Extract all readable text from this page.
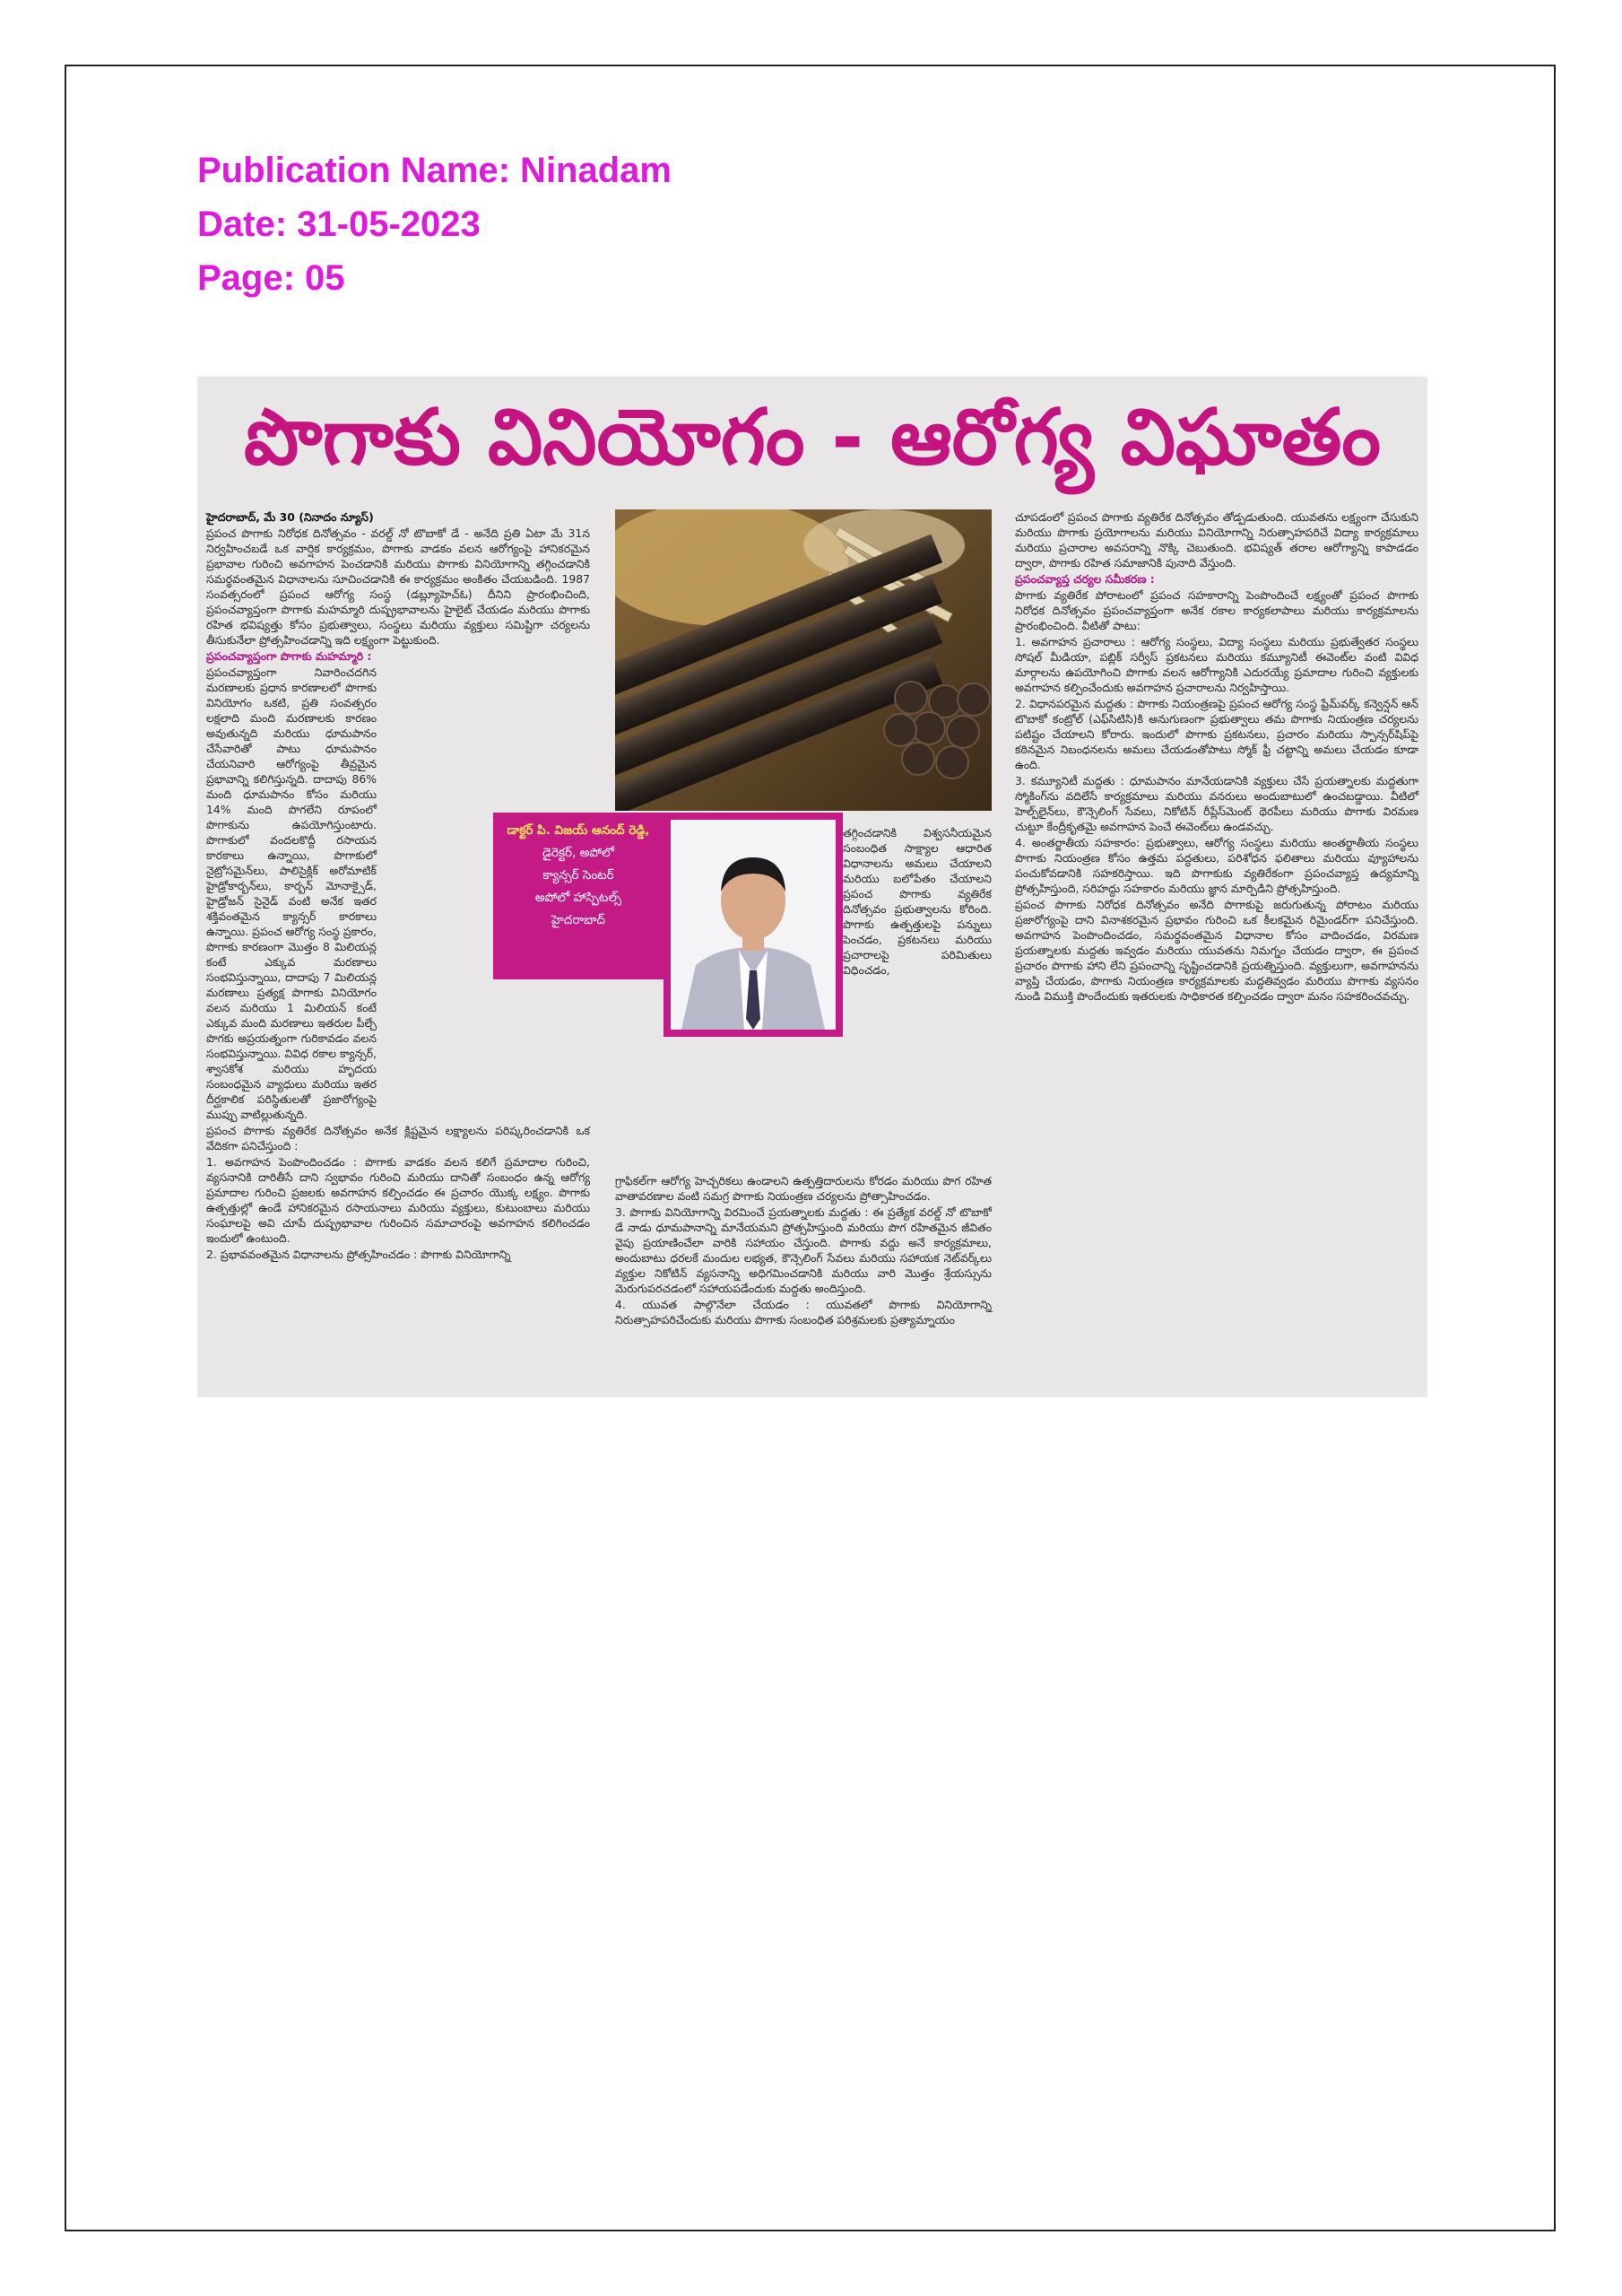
Publication Name: Ninadam
Date: 31-05-2023
Page: 05
పొగాకు వినియోగం - ఆరోగ్య విఘాతం

హైదరాబాద్, మే 30 (నినాదం న్యూస్)

ప్రపంచ పొగాకు నిరోధక దినోత్సవం - వరల్డ్ నో టొబాకో డే - అనేది ప్రతి ఏటా మే 31న నిర్వహించబడే ఒక వార్షిక కార్యక్రమం, పొగాకు వాడకం వలన ఆరోగ్యంపై హానికరమైన ప్రభావాల గురించి అవగాహన పెంచడానికి మరియు పొగాకు వినియోగాన్ని తగ్గించడానికి సమర్థవంతమైన విధానాలను సూచించడానికి ఈ కార్యక్రమం అంకితం చేయబడింది. 1987 సంవత్సరంలో ప్రపంచ ఆరోగ్య సంస్థ (డబ్ల్యూహెచ్ఓ) దీనిని ప్రారంభించింది, ప్రపంచవ్యాప్తంగా పొగాకు మహమ్మారి దుష్ప్రభావాలను హైలైట్ చేయడం మరియు పొగాకు రహిత భవిష్యత్తు కోసం ప్రభుత్వాలు, సంస్థలు మరియు వ్యక్తులు సమిష్టిగా చర్యలను తీసుకునేలా ప్రోత్సహించడాన్ని ఇది లక్ష్యంగా పెట్టుకుంది.

ప్రపంచవ్యాప్తంగా పొగాకు మహమ్మారి :

ప్రపంచవ్యాప్తంగా నివారించదగిన మరణాలకు ప్రధాన కారణాలలో పొగాకు వినియోగం ఒకటి, ప్రతి సంవత్సరం లక్షలాది మంది మరణాలకు కారణం అవుతున్నది మరియు ధూమపానం చేసేవారితో పాటు ధూమపానం చేయనివారి ఆరోగ్యంపై తీవ్రమైన ప్రభావాన్ని కలిగిస్తున్నది. దాదాపు 86% మంది ధూమపానం కోసం మరియు 14% మంది పొగలేని రూపంలో పొగాకును ఉపయోగిస్తుంటారు. పొగాకులో వందలకొద్దీ రసాయన కారకాలు ఉన్నాయి, పొగాకులో నైట్రోసమైన్‌లు, పాలిసైక్లిక్ అరోమాటిక్ హైడ్రోకార్బన్‌లు, కార్బన్ మోనాక్సైడ్, హైడ్రోజన్ సైనైడ్ వంటి అనేక ఇతర శక్తివంతమైన క్యాన్సర్ కారకాలు ఉన్నాయి. ప్రపంచ ఆరోగ్య సంస్థ ప్రకారం, పొగాకు కారణంగా మొత్తం 8 మిలియన్ల కంటే ఎక్కువ మరణాలు సంభవిస్తున్నాయి, దాదాపు 7 మిలియన్ల మరణాలు ప్రత్యక్ష పొగాకు వినియోగం వలన మరియు 1 మిలియన్ కంటే ఎక్కువ మంది మరణాలు ఇతరుల పీల్చే పొగకు అప్రయత్నంగా గురికావడం వలన సంభవిస్తున్నాయి. వివిధ రకాల క్యాన్సర్, శ్వాసకోశ మరియు హృదయ సంబంధమైన వ్యాధులు మరియు ఇతర దీర్ఘకాలిక పరిస్థితులతో ప్రజారోగ్యంపై ముప్పు వాటిల్లుతున్నది.

ప్రపంచ పొగాకు వ్యతిరేక దినోత్సవం అనేక క్లిష్టమైన లక్ష్యాలను పరిష్కరించడానికి ఒక వేదికగా పనిచేస్తుంది :

1. అవగాహన పెంపొందించడం : పొగాకు వాడకం వలన కలిగే ప్రమాదాల గురించి, వ్యసనానికి దారితీసే దాని స్వభావం గురించి మరియు దానితో సంబంధం ఉన్న ఆరోగ్య ప్రమాదాల గురించి ప్రజలకు అవగాహన కల్పించడం ఈ ప్రచారం యొక్క లక్ష్యం. పొగాకు ఉత్పత్తుల్లో ఉండే హానికరమైన రసాయనాలు మరియు వ్యక్తులు, కుటుంబాలు మరియు సంఘాలపై అవి చూపే దుష్ప్రభావాల గురించిన సమాచారంపై అవగాహన కలిగించడం ఇందులో ఉంటుంది.

2. ప్రభావవంతమైన విధానాలను ప్రోత్సహించడం : పొగాకు వినియోగాన్ని

డాక్టర్ పి. విజయ్ ఆనంద్ రెడ్డి,
డైరెక్టర్, అపోలో
క్యాన్సర్ సెంటర్
అపోలో హాస్పిటల్స్
హైదరాబాద్
తగ్గించడానికి విశ్వసనీయమైన సంబంధిత సాక్ష్యాల ఆధారిత విధానాలను అమలు చేయాలని మరియు బలోపేతం చేయాలని ప్రపంచ పొగాకు వ్యతిరేక దినోత్సవం ప్రభుత్వాలను కోరింది. పొగాకు ఉత్పత్తులపై పన్నులు పెంచడం, ప్రకటనలు మరియు ప్రచారాలపై పరిమితులు విధించడం,

గ్రాఫికల్‌గా ఆరోగ్య హెచ్చరికలు ఉండాలని ఉత్పత్తిదారులను కోరడం మరియు పొగ రహిత వాతావరణాల వంటి సమగ్ర పొగాకు నియంత్రణ చర్యలను ప్రోత్సాహించడం.

3. పొగాకు వినియోగాన్ని విరమించే ప్రయత్నాలకు మద్దతు : ఈ ప్రత్యేక వరల్డ్ నో టొబాకో డే నాడు ధూమపానాన్ని మానేయమని ప్రోత్సహిస్తుంది మరియు పొగ రహితమైన జీవితం వైపు ప్రయాణించేలా వారికి సహాయం చేస్తుంది. పొగాకు వద్దు అనే కార్యక్రమాలు, అందుబాటు ధరలకే మందుల లభ్యత, కౌన్సెలింగ్ సేవలు మరియు సహాయక నెట్‌వర్క్‌లు వ్యక్తుల నికోటిన్ వ్యసనాన్ని అధిగమించడానికి మరియు వారి మొత్తం శ్రేయస్సును మెరుగుపరచడంలో సహాయపడేందుకు మద్దతు అందిస్తుంది.

4. యువత పాల్గొనేలా చేయడం : యువతలో పొగాకు వినియోగాన్ని నిరుత్సాహపరిచేందుకు మరియు పొగాకు సంబంధిత పరిశ్రమలకు ప్రత్యామ్నాయం

చూపడంలో ప్రపంచ పొగాకు వ్యతిరేక దినోత్సవం తోడ్పడుతుంది. యువతను లక్ష్యంగా చేసుకుని మరియు పొగాకు ప్రయోగాలను మరియు వినియోగాన్ని నిరుత్సాహపరిచే విద్యా కార్యక్రమాలు మరియు ప్రచారాల అవసరాన్ని నొక్కి చెబుతుంది. భవిష్యత్ తరాల ఆరోగ్యాన్ని కాపాడడం ద్వారా, పొగాకు రహిత సమాజానికి పునాది వేస్తుంది.

ప్రపంచవ్యాప్త చర్యల సమీకరణ :

పొగాకు వ్యతిరేక పోరాటంలో ప్రపంచ సహకారాన్ని పెంపొందించే లక్ష్యంతో ప్రపంచ పొగాకు నిరోధక దినోత్సవం ప్రపంచవ్యాప్తంగా అనేక రకాల కార్యకలాపాలు మరియు కార్యక్రమాలను ప్రారంభించింది. వీటితో పాటు:

1. అవగాహన ప్రచారాలు : ఆరోగ్య సంస్థలు, విద్యా సంస్థలు మరియు ప్రభుత్వేతర సంస్థలు సోషల్ మీడియా, పబ్లిక్ సర్వీస్ ప్రకటనలు మరియు కమ్యూనిటీ ఈవెంట్‌ల వంటి వివిధ మార్గాలను ఉపయోగించి పొగాకు వలన ఆరోగ్యానికి ఎదురయ్యే ప్రమాదాల గురించి వ్యక్తులకు అవగాహన కల్పించేందుకు అవగాహన ప్రచారాలను నిర్వహిస్తాయి.

2. విధానపరమైన మద్దతు : పొగాకు నియంత్రణపై ప్రపంచ ఆరోగ్య సంస్థ ఫ్రేమ్‌వర్క్ కన్వెన్షన్ ఆన్ టొబాకో కంట్రోల్ (ఎఫ్‌సిటిసి)కి అనుగుణంగా ప్రభుత్వాలు తమ పొగాకు నియంత్రణ చర్యలను పటిష్టం చేయాలని కోరారు. ఇందులో పొగాకు ప్రకటనలు, ప్రచారం మరియు స్పాన్సర్‌షిప్‌పై కఠినమైన నిబంధనలను అమలు చేయడంతోపాటు స్మోక్ ఫ్రీ చట్టాన్ని అమలు చేయడం కూడా ఉంది.

3. కమ్యూనిటీ మద్దతు : ధూమపానం మానేయడానికి వ్యక్తులు చేసే ప్రయత్నాలకు మద్దతుగా స్మోకింగ్‌ను వదిలేసే కార్యక్రమాలు మరియు వనరులు అందుబాటులో ఉంచబడ్డాయి. వీటిలో హెల్ప్‌లైన్‌లు, కౌన్సెలింగ్ సేవలు, నికోటిన్ రీప్లేస్‌మెంట్ థెరపీలు మరియు పొగాకు విరమణ చుట్టూ కేంద్రీకృతమై అవగాహన పెంచే ఈవెంట్‌లు ఉండవచ్చు.

4. అంతర్జాతీయ సహకారం: ప్రభుత్వాలు, ఆరోగ్య సంస్థలు మరియు అంతర్జాతీయ సంస్థలు పొగాకు నియంత్రణ కోసం ఉత్తమ పద్ధతులు, పరిశోధన ఫలితాలు మరియు వ్యూహాలను పంచుకోవడానికి సహకరిస్తాయి. ఇది పొగాకుకు వ్యతిరేకంగా ప్రపంచవ్యాప్త ఉద్యమాన్ని ప్రోత్సహిస్తుంది, సరిహద్దు సహకారం మరియు జ్ఞాన మార్పిడిని ప్రోత్సహిస్తుంది.

ప్రపంచ పొగాకు నిరోధక దినోత్సవం అనేది పొగాకుపై జరుగుతున్న పోరాటం మరియు ప్రజారోగ్యంపై దాని వినాశకరమైన ప్రభావం గురించి ఒక కీలకమైన రిమైండర్‌గా పనిచేస్తుంది. అవగాహన పెంపొందించడం, సమర్థవంతమైన విధానాల కోసం వాదించడం, విరమణ ప్రయత్నాలకు మద్దతు ఇవ్వడం మరియు యువతను నిమగ్నం చేయడం ద్వారా, ఈ ప్రపంచ ప్రచారం పొగాకు హాని లేని ప్రపంచాన్ని సృష్టించడానికి ప్రయత్నిస్తుంది. వ్యక్తులుగా, అవగాహనను వ్యాప్తి చేయడం, పొగాకు నియంత్రణ కార్యక్రమాలకు మద్దతివ్వడం మరియు పొగాకు వ్యసనం నుండి విముక్తి పొందేందుకు ఇతరులకు సాధికారత కల్పించడం ద్వారా మనం సహకరించవచ్చు.
